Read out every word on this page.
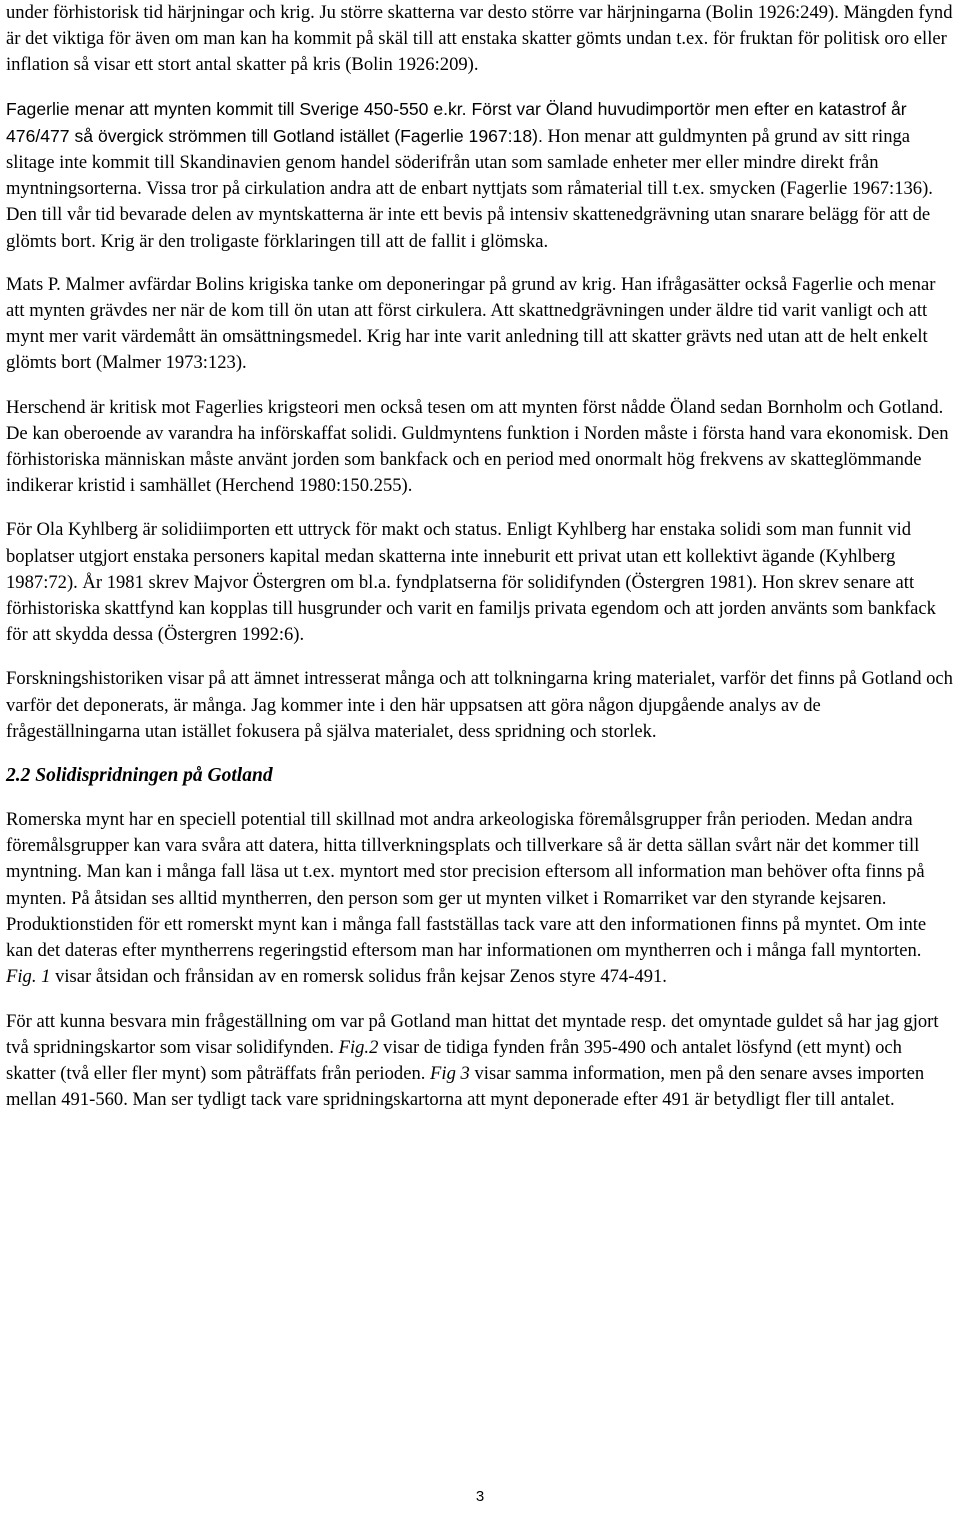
under förhistorisk tid härjningar och krig. Ju större skatterna var desto större var härjningarna (Bolin 1926:249). Mängden fynd är det viktiga för även om man kan ha kommit på skäl till att enstaka skatter gömts undan t.ex. för fruktan för politisk oro eller inflation så visar ett stort antal skatter på kris (Bolin 1926:209).

Fagerlie menar att mynten kommit till Sverige 450-550 e.kr. Först var Öland huvudimportör men efter en katastrof år 476/477 så övergick strömmen till Gotland istället (Fagerlie 1967:18). Hon menar att guldmynten på grund av sitt ringa slitage inte kommit till Skandinavien genom handel söderifrån utan som samlade enheter mer eller mindre direkt från myntningsorterna. Vissa tror på cirkulation andra att de enbart nyttjats som råmaterial till t.ex. smycken (Fagerlie 1967:136). Den till vår tid bevarade delen av myntskatterna är inte ett bevis på intensiv skattenedgrävning utan snarare belägg för att de glömts bort. Krig är den troligaste förklaringen till att de fallit i glömska.

Mats P. Malmer avfärdar Bolins krigiska tanke om deponeringar på grund av krig. Han ifrågasätter också Fagerlie och menar att mynten grävdes ner när de kom till ön utan att först cirkulera. Att skattnedgrävningen under äldre tid varit vanligt och att mynt mer varit värdemått än omsättningsmedel. Krig har inte varit anledning till att skatter grävts ned utan att de helt enkelt glömts bort (Malmer 1973:123).

Herschend är kritisk mot Fagerlies krigsteori men också tesen om att mynten först nådde Öland sedan Bornholm och Gotland. De kan oberoende av varandra ha införskaffat solidi. Guldmyntens funktion i Norden måste i första hand vara ekonomisk. Den förhistoriska människan måste använt jorden som bankfack och en period med onormalt hög frekvens av skatteglömmande indikerar kristid i samhället (Herchend 1980:150.255).

För Ola Kyhlberg är solidiimporten ett uttryck för makt och status. Enligt Kyhlberg har enstaka solidi som man funnit vid boplatser utgjort enstaka personers kapital medan skatterna inte inneburit ett privat utan ett kollektivt ägande (Kyhlberg 1987:72). År 1981 skrev Majvor Östergren om bl.a. fyndplatserna för solidifynden (Östergren 1981). Hon skrev senare att förhistoriska skattfynd kan kopplas till husgrunder och varit en familjs privata egendom och att jorden använts som bankfack för att skydda dessa (Östergren 1992:6).

Forskningshistoriken visar på att ämnet intresserat många och att tolkningarna kring materialet, varför det finns på Gotland och varför det deponerats, är många. Jag kommer inte i den här uppsatsen att göra någon djupgående analys av de frågeställningarna utan istället fokusera på själva materialet, dess spridning och storlek.

2.2 Solidispridningen på Gotland

Romerska mynt har en speciell potential till skillnad mot andra arkeologiska föremålsgrupper från perioden. Medan andra föremålsgrupper kan vara svåra att datera, hitta tillverkningsplats och tillverkare så är detta sällan svårt när det kommer till myntning. Man kan i många fall läsa ut t.ex. myntort med stor precision eftersom all information man behöver ofta finns på mynten. På åtsidan ses alltid myntherren, den person som ger ut mynten vilket i Romarriket var den styrande kejsaren. Produktionstiden för ett romerskt mynt kan i många fall fastställas tack vare att den informationen finns på myntet. Om inte kan det dateras efter myntherrens regeringstid eftersom man har informationen om myntherren och i många fall myntorten. Fig. 1 visar åtsidan och frånsidan av en romersk solidus från kejsar Zenos styre 474-491.

För att kunna besvara min frågeställning om var på Gotland man hittat det myntade resp. det omyntade guldet så har jag gjort två spridningskartor som visar solidifynden. Fig.2 visar de tidiga fynden från 395-490 och antalet lösfynd (ett mynt) och skatter (två eller fler mynt) som påträffats från perioden. Fig 3 visar samma information, men på den senare avses importen mellan 491-560. Man ser tydligt tack vare spridningskartorna att mynt deponerade efter 491 är betydligt fler till antalet.

3
